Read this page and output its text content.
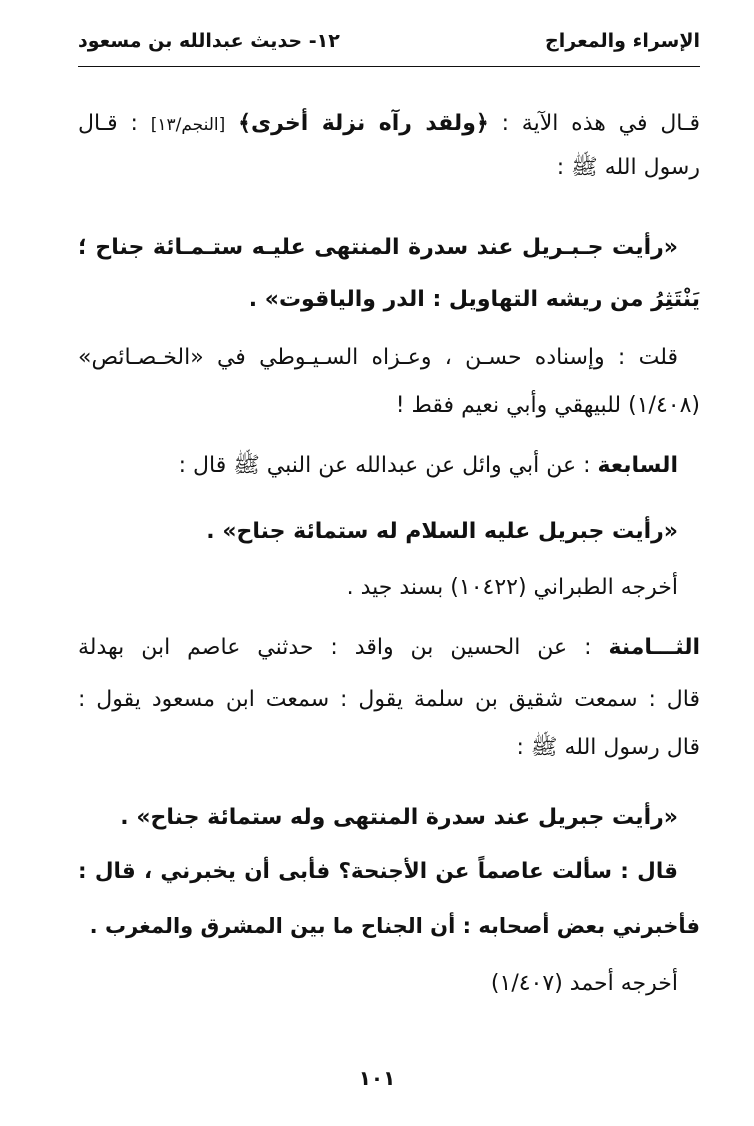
الإسراء والمعراج
١٢- حديث عبدالله بن مسعود
قـال في هذه الآية : ﴿ولقد رآه نزلة أخرى﴾ [النجم/١٣] : قـال
رسول الله ﷺ :
«رأيت جـبـريل عند سدرة المنتهى عليـه ستـمـائة جناح ؛
يَنْتَثِرُ من ريشه التهاويل : الدر والياقوت» .
قلت : وإسناده حسـن ، وعـزاه السـيـوطي في «الخـصـائص»
(١/٤٠٨) للبيهقي وأبي نعيم فقط !
السابعة : عن أبي وائل عن عبدالله عن النبي ﷺ قال :
«رأيت جبريل عليه السلام له ستمائة جناح» .
أخرجه الطبراني (١٠٤٢٢) بسند جيد .
الثـــامنة : عن الحسين بن واقد : حدثني عاصم ابن بهدلة
قال : سمعت شقيق بن سلمة يقول : سمعت ابن مسعود يقول :
قال رسول الله ﷺ :
«رأيت جبريل عند سدرة المنتهى وله ستمائة جناح» .
قال : سألت عاصماً عن الأجنحة؟ فأبى أن يخبرني ، قال :
فأخبرني بعض أصحابه : أن الجناح ما بين المشرق والمغرب .
أخرجه أحمد (١/٤٠٧)
١٠١
